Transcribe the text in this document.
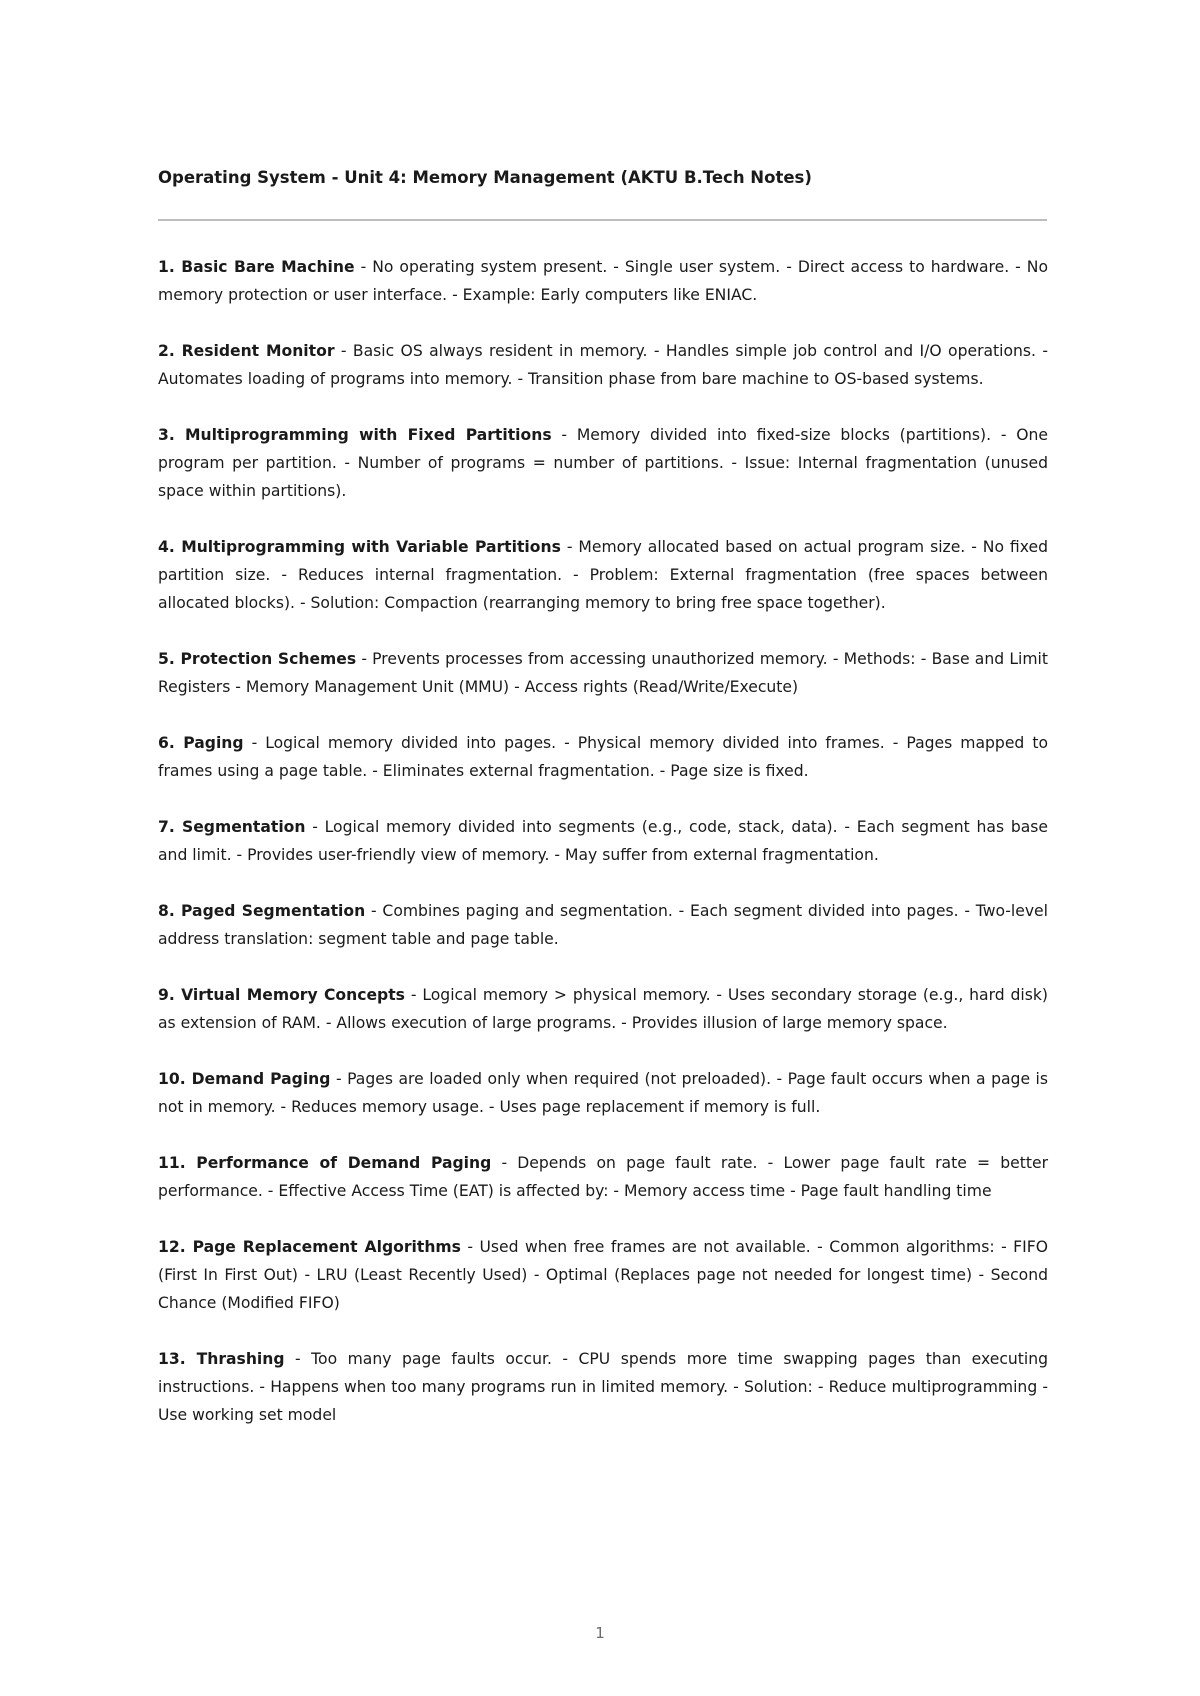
Operating System - Unit 4: Memory Management (AKTU B.Tech Notes)

1. Basic Bare Machine - No operating system present. - Single user system. - Direct access to hardware. - No memory protection or user interface. - Example: Early computers like ENIAC.

2. Resident Monitor - Basic OS always resident in memory. - Handles simple job control and I/O operations. - Automates loading of programs into memory. - Transition phase from bare machine to OS-based systems.

3. Multiprogramming with Fixed Partitions - Memory divided into fixed-size blocks (partitions). - One program per partition. - Number of programs = number of partitions. - Issue: Internal fragmentation (unused space within partitions).

4. Multiprogramming with Variable Partitions - Memory allocated based on actual program size. - No fixed partition size. - Reduces internal fragmentation. - Problem: External fragmentation (free spaces between allocated blocks). - Solution: Compaction (rearranging memory to bring free space together).

5. Protection Schemes - Prevents processes from accessing unauthorized memory. - Methods: - Base and Limit Registers - Memory Management Unit (MMU) - Access rights (Read/Write/Execute)

6. Paging - Logical memory divided into pages. - Physical memory divided into frames. - Pages mapped to frames using a page table. - Eliminates external fragmentation. - Page size is fixed.

7. Segmentation - Logical memory divided into segments (e.g., code, stack, data). - Each segment has base and limit. - Provides user-friendly view of memory. - May suffer from external fragmentation.

8. Paged Segmentation - Combines paging and segmentation. - Each segment divided into pages. - Two-level address translation: segment table and page table.

9. Virtual Memory Concepts - Logical memory > physical memory. - Uses secondary storage (e.g., hard disk) as extension of RAM. - Allows execution of large programs. - Provides illusion of large memory space.

10. Demand Paging - Pages are loaded only when required (not preloaded). - Page fault occurs when a page is not in memory. - Reduces memory usage. - Uses page replacement if memory is full.

11. Performance of Demand Paging - Depends on page fault rate. - Lower page fault rate = better performance. - Effective Access Time (EAT) is affected by: - Memory access time - Page fault handling time

12. Page Replacement Algorithms - Used when free frames are not available. - Common algorithms: - FIFO (First In First Out) - LRU (Least Recently Used) - Optimal (Replaces page not needed for longest time) - Second Chance (Modified FIFO)

13. Thrashing - Too many page faults occur. - CPU spends more time swapping pages than executing instructions. - Happens when too many programs run in limited memory. - Solution: - Reduce multiprogramming - Use working set model

1
